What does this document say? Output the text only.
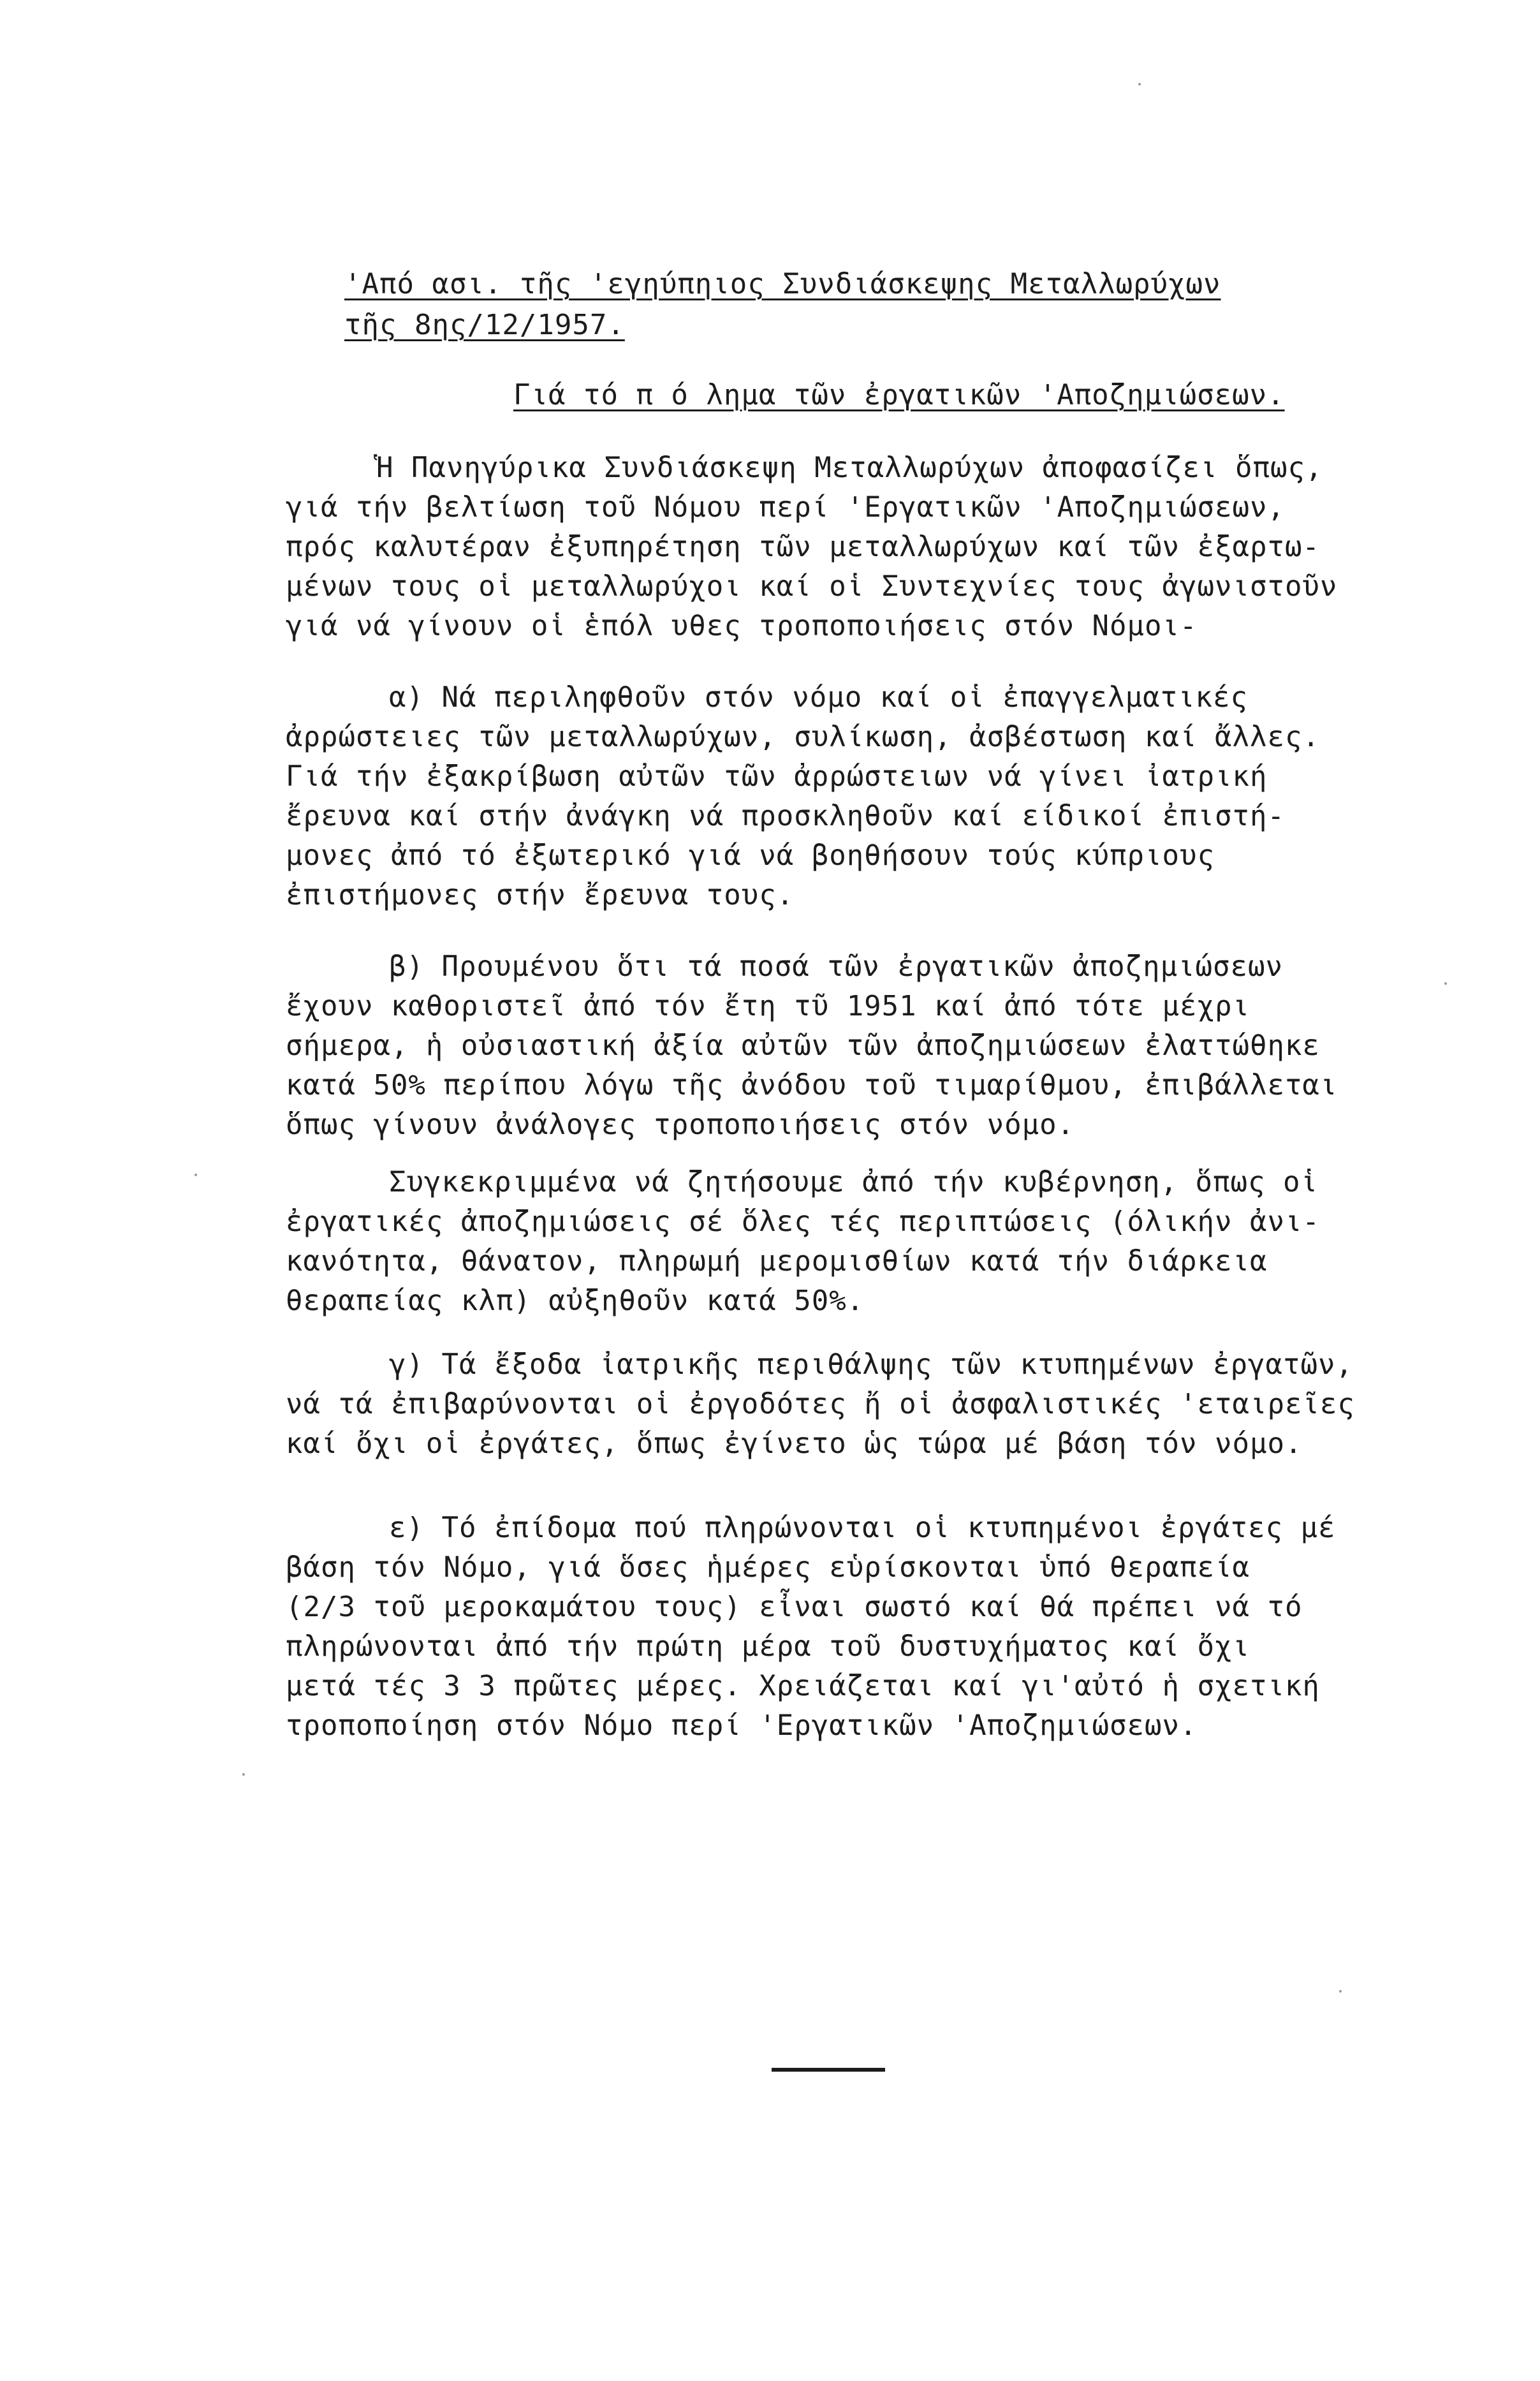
'Από ασι. τῆς 'εγηύπηιος Συνδιάσκεψης Μεταλλωρύχων
τῆς 8ης/12/1957.
Γιά τό π ό λημα τῶν ἐργατικῶν 'Αποζημιώσεων.
Ἡ Πανηγύρικα Συνδιάσκεψη Μεταλλωρύχων ἀποφασίζει ὅπως,
γιά τήν βελτίωση τοῦ Νόμου περί 'Εργατικῶν 'Αποζημιώσεων,
πρός καλυτέραν ἐξυπηρέτηση τῶν μεταλλωρύχων καί τῶν ἐξαρτω-
μένων τους οἱ μεταλλωρύχοι καί οἱ Συντεχνίες τους ἀγωνιστοῦν
γιά νά γίνουν οἱ ἑπόλ υθες τροποποιήσεις στόν Νόμοι-
α) Νά περιληφθοῦν στόν νόμο καί οἱ ἐπαγγελματικές
ἀρρώστειες τῶν μεταλλωρύχων, συλίκωση, ἀσβέστωση καί ἄλλες.
Γιά τήν ἐξακρίβωση αὐτῶν τῶν ἀρρώστειων νά γίνει ἰατρική
ἔρευνα καί στήν ἀνάγκη νά προσκληθοῦν καί είδικοί ἐπιστή-
μονες ἀπό τό ἐξωτερικό γιά νά βοηθήσουν τούς κύπριους
ἐπιστήμονες στήν ἔρευνα τους.
β) Προυμένου ὅτι τά ποσά τῶν ἐργατικῶν ἀποζημιώσεων
ἔχουν καθοριστεῖ ἀπό τόν ἔτη τῦ 1951 καί ἀπό τότε μέχρι
σήμερα, ἡ οὐσιαστική ἀξία αὐτῶν τῶν ἀποζημιώσεων ἐλαττώθηκε
κατά 50% περίπου λόγω τῆς ἀνόδου τοῦ τιμαρίθμου, ἐπιβάλλεται
ὅπως γίνουν ἀνάλογες τροποποιήσεις στόν νόμο.
Συγκεκριμμένα νά ζητήσουμε ἀπό τήν κυβέρνηση, ὅπως οἱ
ἐργατικές ἀποζημιώσεις σέ ὅλες τές περιπτώσεις (όλικήν ἀνι-
κανότητα, θάνατον, πληρωμή μερομισθίων κατά τήν διάρκεια
θεραπείας κλπ) αὐξηθοῦν κατά 50%.
γ) Τά ἔξοδα ἰατρικῆς περιθάλψης τῶν κτυπημένων ἐργατῶν,
νά τά ἐπιβαρύνονται οἱ ἐργοδότες ἤ οἱ ἀσφαλιστικές 'εταιρεῖες
καί ὄχι οἱ ἐργάτες, ὅπως ἐγίνετο ὡς τώρα μέ βάση τόν νόμο.
ε) Τό ἐπίδομα πού πληρώνονται οἱ κτυπημένοι ἐργάτες μέ
βάση τόν Νόμο, γιά ὅσες ἡμέρες εὑρίσκονται ὑπό θεραπεία
(2/3 τοῦ μεροκαμάτου τους) εἶναι σωστό καί θά πρέπει νά τό
πληρώνονται ἀπό τήν πρώτη μέρα τοῦ δυστυχήματος καί ὄχι
μετά τές 3 3 πρῶτες μέρες. Χρειάζεται καί γι'αὐτό ἡ σχετική
τροποποίηση στόν Νόμο περί 'Εργατικῶν 'Αποζημιώσεων.
